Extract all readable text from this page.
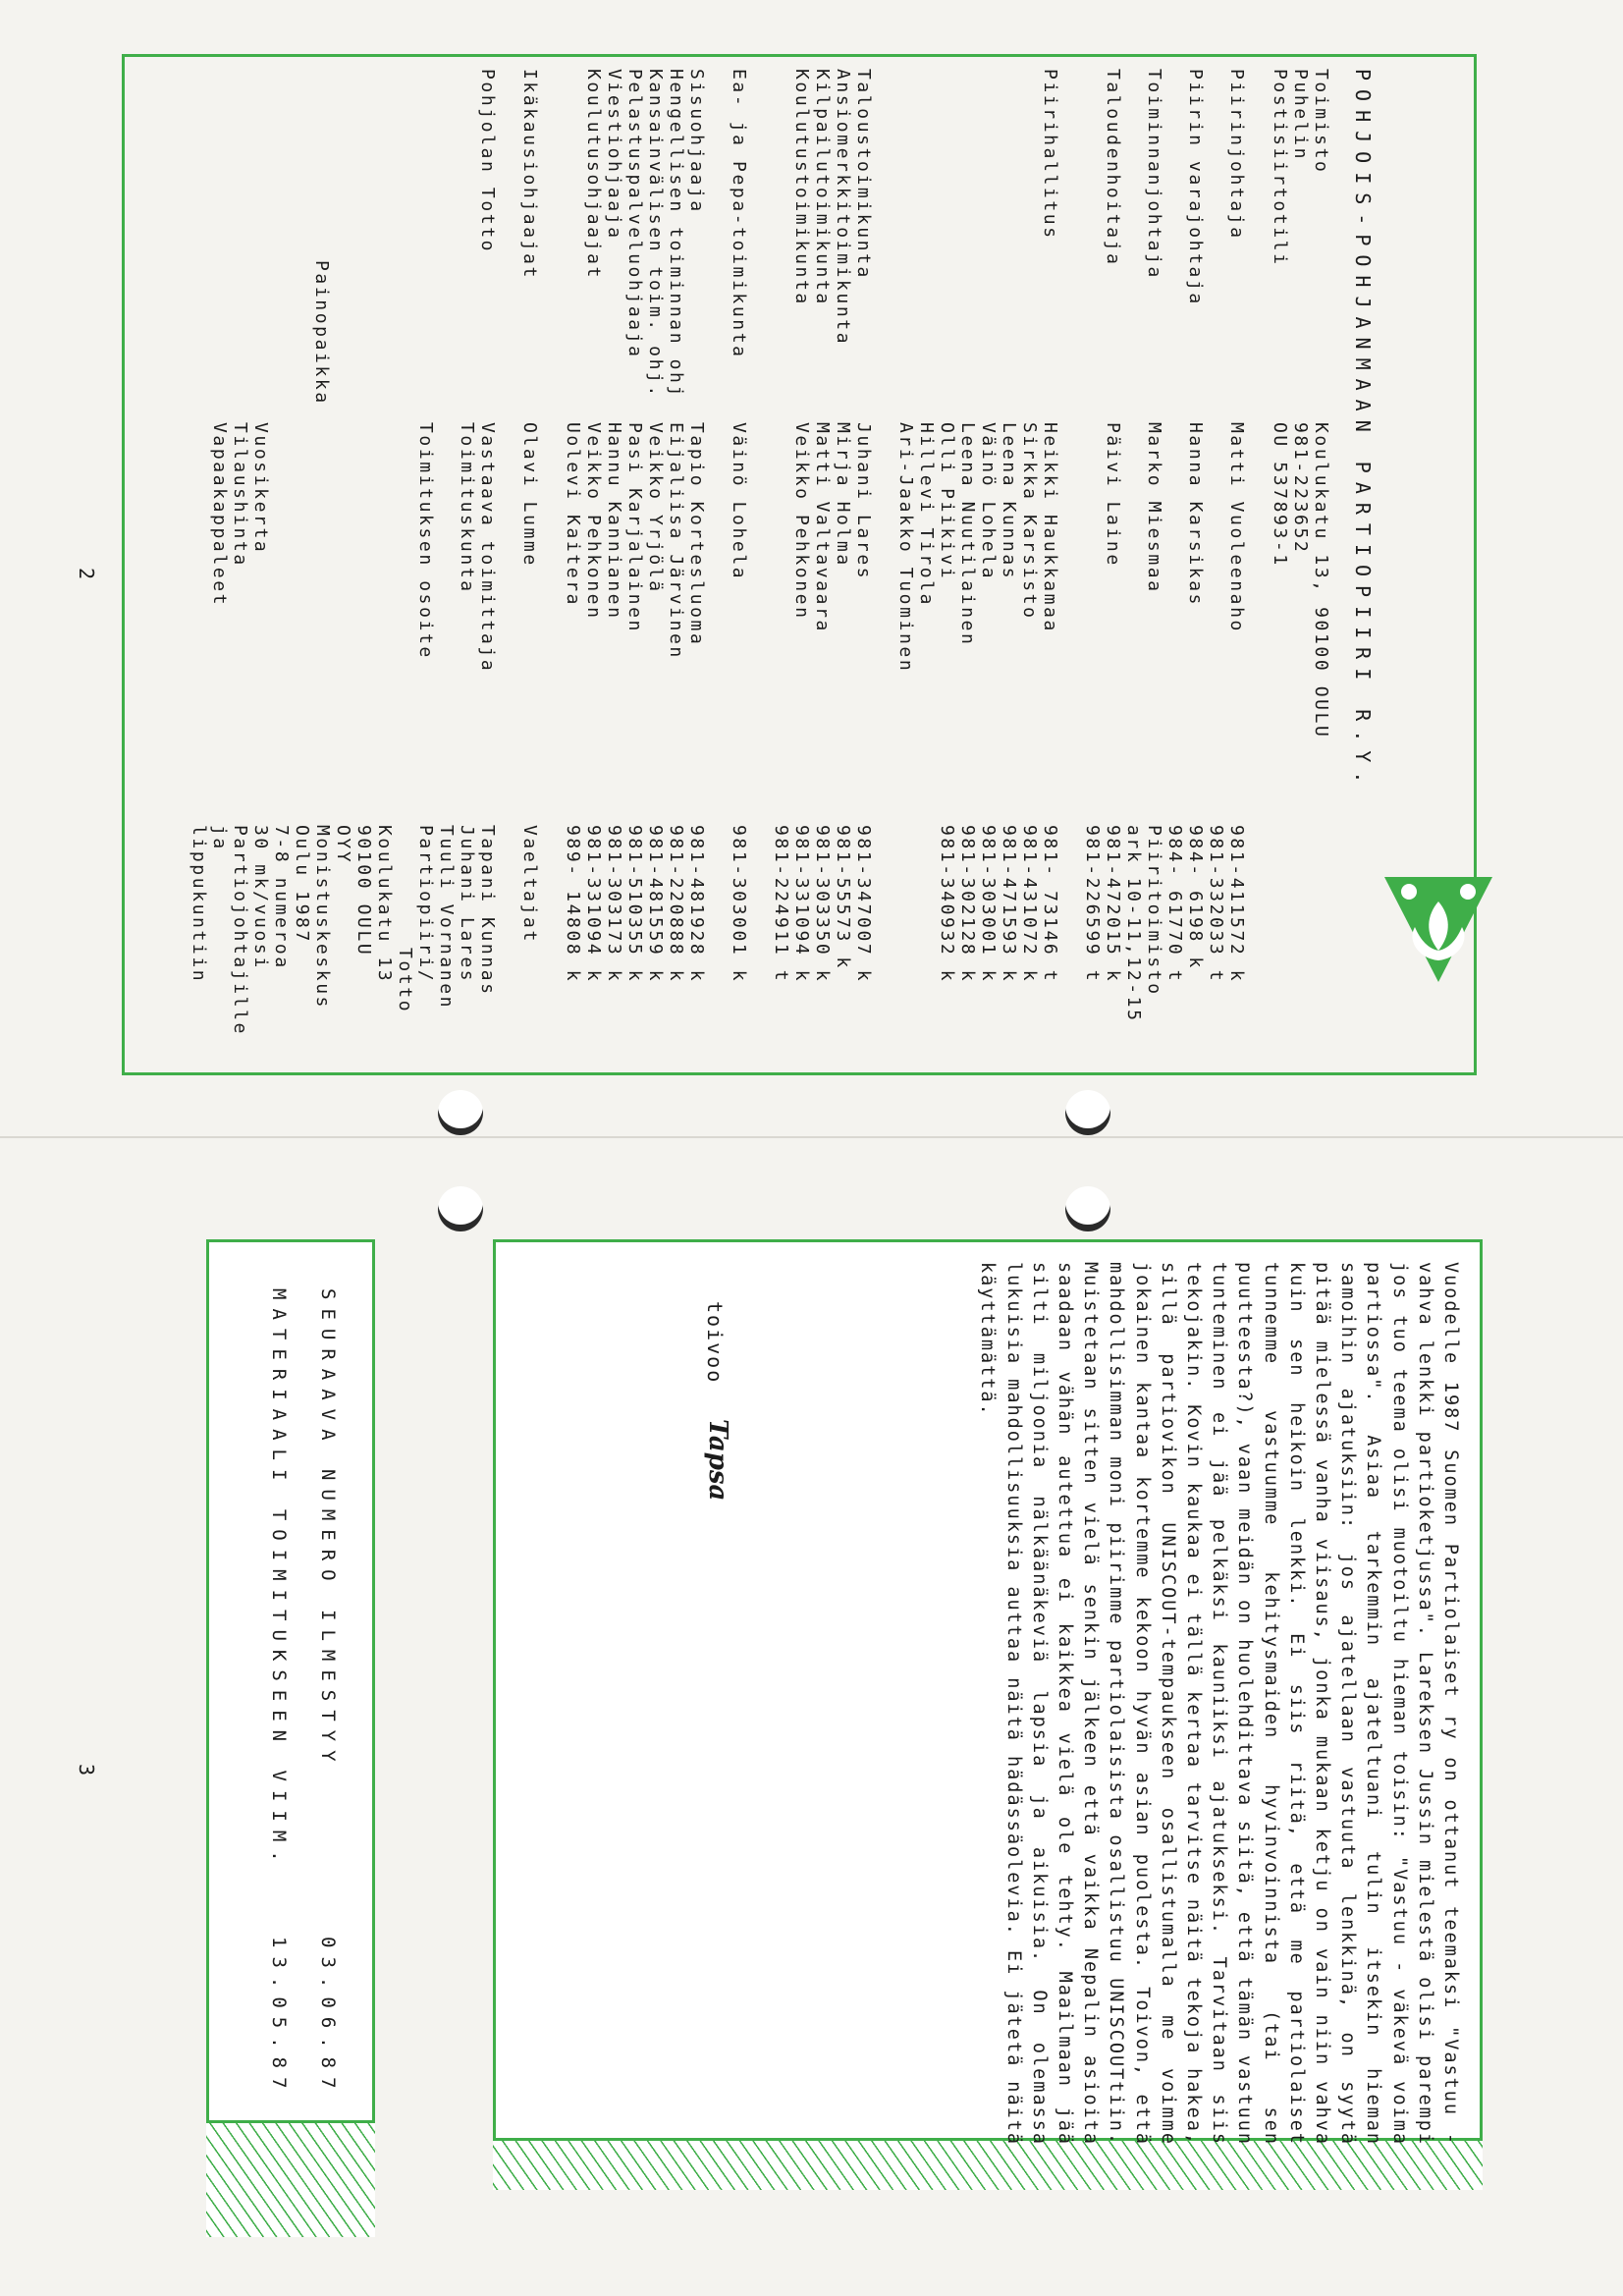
POHJOIS-POHJANMAAN PARTIOPIIRI R.Y.
Toimisto
Koulukatu 13, 90100 OULU
Puhelin
981-223652
Postisiirtotili
OU 537893-1
Piirinjohtaja
Matti Vuoleenaho
981-411572 k
981-332033 t
Piirin varajohtaja
Hanna Karsikas
984- 6198 k
984- 61770 t
Toiminnanjohtaja
Marko Miesmaa
Piiritoimisto
ark 10-11,12-15
Taloudenhoitaja
Päivi Laine
981-472015 k
981-226599 t
Piirihallitus
Heikki Haukkamaa
981- 73146 t
Sirkka Karsisto
981-431072 k
Leena Kunnas
981-471593 k
Väinö Lohela
981-303001 k
Leena Nuutilainen
981-302128 k
Olli Piikivi
981-340932 k
Hillevi Tirola
Ari-Jaakko Tuominen
Taloustoimikunta
Juhani Lares
981-347007 k
Ansiomerkkitoimikunta
Mirja Holma
981-55573 k
Kilpailutoimikunta
Matti Valtavaara
981-303350 k
Koulutustoimikunta
Veikko Pehkonen
981-331094 k
981-224911 t
Ea- ja Pepa-toimikunta
Väinö Lohela
981-303001 k
Sisuohjaaja
Tapio Kortesluoma
981-481928 k
Hengellisen toiminnan ohj
Eijaliisa Järvinen
981-220888 k
Kansainvälisen toim. ohj.
Veikko Yrjölä
981-481559 k
Pelastuspalveluohjaaja
Pasi Karjalainen
981-510355 k
Viestiohjaaja
Hannu Kannianen
981-303173 k
Koulutusohjaajat
Veikko Pehkonen
981-331094 k
Uolevi Kaitera
989- 14808 k
Ikäkausiohjaajat
Olavi Lumme
Vaeltajat
Pohjolan Totto
Vastaava toimittaja
Tapani Kunnas
Toimituskunta
Juhani Lares
Tuuli Vornanen
Toimituksen osoite
Partiopiiri/
Totto
Koulukatu 13
90100 OULU
Painopaikka
OYY
Monistuskeskus
Oulu 1987
Vuosikerta
7-8 numeroa
Tilaushinta
30 mk/vuosi
Vapaakappaleet
Partiojohtajille
ja
lippukuntiin
2

Vuodelle 1987 Suomen Partiolaiset ry on ottanut teemaksi "Vastuu - vahva lenkki partioketjussa". Lareksen Jussin mielestä olisi parempi jos tuo teema olisi muotoiltu hieman toisin: "Vastuu - väkevä voima partiossa". Asiaa tarkemmin ajateltuani tulin itsekin hieman samoihin ajatuksiin: jos ajatellaan vastuuta lenkkinä, on syytä pitää mielessä vanha viisaus, jonka mukaan ketju on vain niin vahva kuin sen heikoin lenkki. Ei siis riitä, että me partiolaiset tunnemme vastuumme kehitysmaiden hyvinvoinnista (tai sen puutteesta?), vaan meidän on huolehdittava siitä, että tämän vastuun tunteminen ei jää pelkäksi kauniiksi ajatukseksi. Tarvitaan siis tekojakin. Kovin kaukaa ei tällä kertaa tarvitse näitä tekoja hakea, sillä partiovikon UNISCOUT-tempaukseen osallistumalla me voimme jokainen kantaa kortemme kekoon hyvän asian puolesta. Toivon, että mahdollisimman moni piirimme partiolaisista osallistuu UNISCOUTtiin. Muistetaan sitten vielä senkin jälkeen että vaikka Nepalin asioita saadaan vähän autettua ei kaikkea vielä ole tehty. Maailmaan jää silti miljoonia nälkäänäkeviä lapsia ja aikuisia. On olemassa lukuisia mahdollisuuksia auttaa näitä hädässäolevia. Ei jätetä näitä käyttämättä.

toivoo
Tapsa
SEURAAVA NUMERO ILMESTYY
03.06.87
MATERIAALI TOIMITUKSEEN VIIM.
13.05.87
3
